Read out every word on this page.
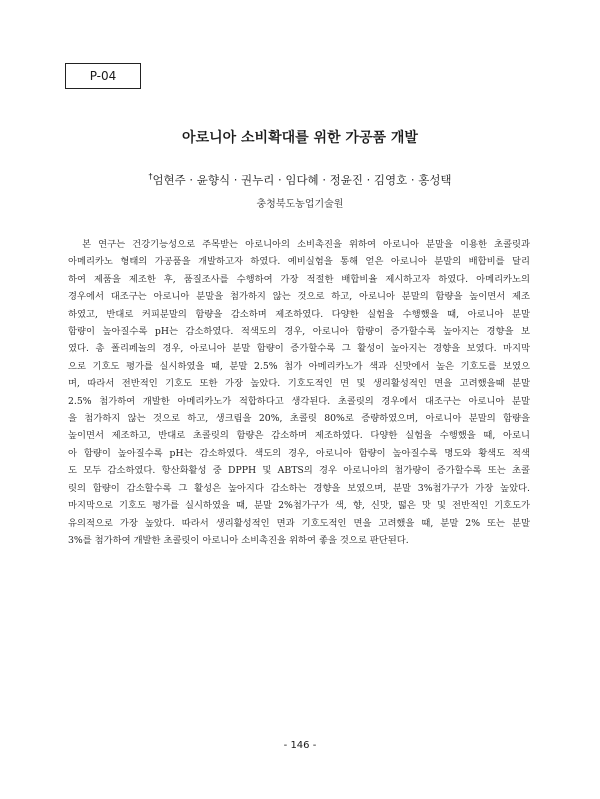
P-04
아로니아 소비확대를 위한 가공품 개발
†엄현주 · 윤향식 · 권누리 · 임다혜 · 정윤진 · 김영호 · 홍성택
충청북도농업기술원
본 연구는 건강기능성으로 주목받는 아로니아의 소비촉진을 위하여 아로니아 분말을 이용한 초콜릿과
아메리카노 형태의 가공품을 개발하고자 하였다. 예비실험을 통해 얻은 아로니아 분말의 배합비를 달리
하여 제품을 제조한 후, 품질조사를 수행하여 가장 적절한 배합비율 제시하고자 하였다. 아메리카노의
경우에서 대조구는 아로니아 분말을 첨가하지 않는 것으로 하고, 아로니아 분말의 함량을 높이면서 제조
하였고, 반대로 커피분말의 함량을 감소하며 제조하였다. 다양한 실험을 수행했을 때, 아로니아 분말
함량이 높아질수록 pH는 감소하였다. 적색도의 경우, 아로니아 함량이 증가할수록 높아지는 경향을 보
였다. 총 폴리페놀의 경우, 아로니아 분말 함량이 증가할수록 그 활성이 높아지는 경향을 보였다. 마지막
으로 기호도 평가를 실시하였을 때, 분말 2.5% 첨가 아메리카노가 색과 신맛에서 높은 기호도를 보였으
며, 따라서 전반적인 기호도 또한 가장 높았다. 기호도적인 면 및 생리활성적인 면을 고려했을때 분말
2.5% 첨가하여 개발한 아메리카노가 적합하다고 생각된다. 초콜릿의 경우에서 대조구는 아로니아 분말
을 첨가하지 않는 것으로 하고, 생크림을 20%, 초콜릿 80%로 증량하였으며, 아로니아 분말의 함량을
높이면서 제조하고, 반대로 초콜릿의 함량은 감소하며 제조하였다. 다양한 실험을 수행했을 때, 아로니
아 함량이 높아질수록 pH는 감소하였다. 색도의 경우, 아로니아 함량이 높아질수록 명도와 황색도 적색
도 모두 감소하였다. 항산화활성 중 DPPH 및 ABTS의 경우 아로니아의 첨가량이 증가할수록 또는 초콜
릿의 함량이 감소할수록 그 활성은 높아지다 감소하는 경향을 보였으며, 분말 3%첨가구가 가장 높았다.
마지막으로 기호도 평가를 실시하였을 때, 분말 2%첨가구가 색, 향, 신맛, 떫은 맛 및 전반적인 기호도가
유의적으로 가장 높았다. 따라서 생리활성적인 면과 기호도적인 면을 고려했을 때, 분말 2% 또는 분말
3%를 첨가하여 개발한 초콜릿이 아로니아 소비촉진을 위하여 좋을 것으로 판단된다.
- 146 -
